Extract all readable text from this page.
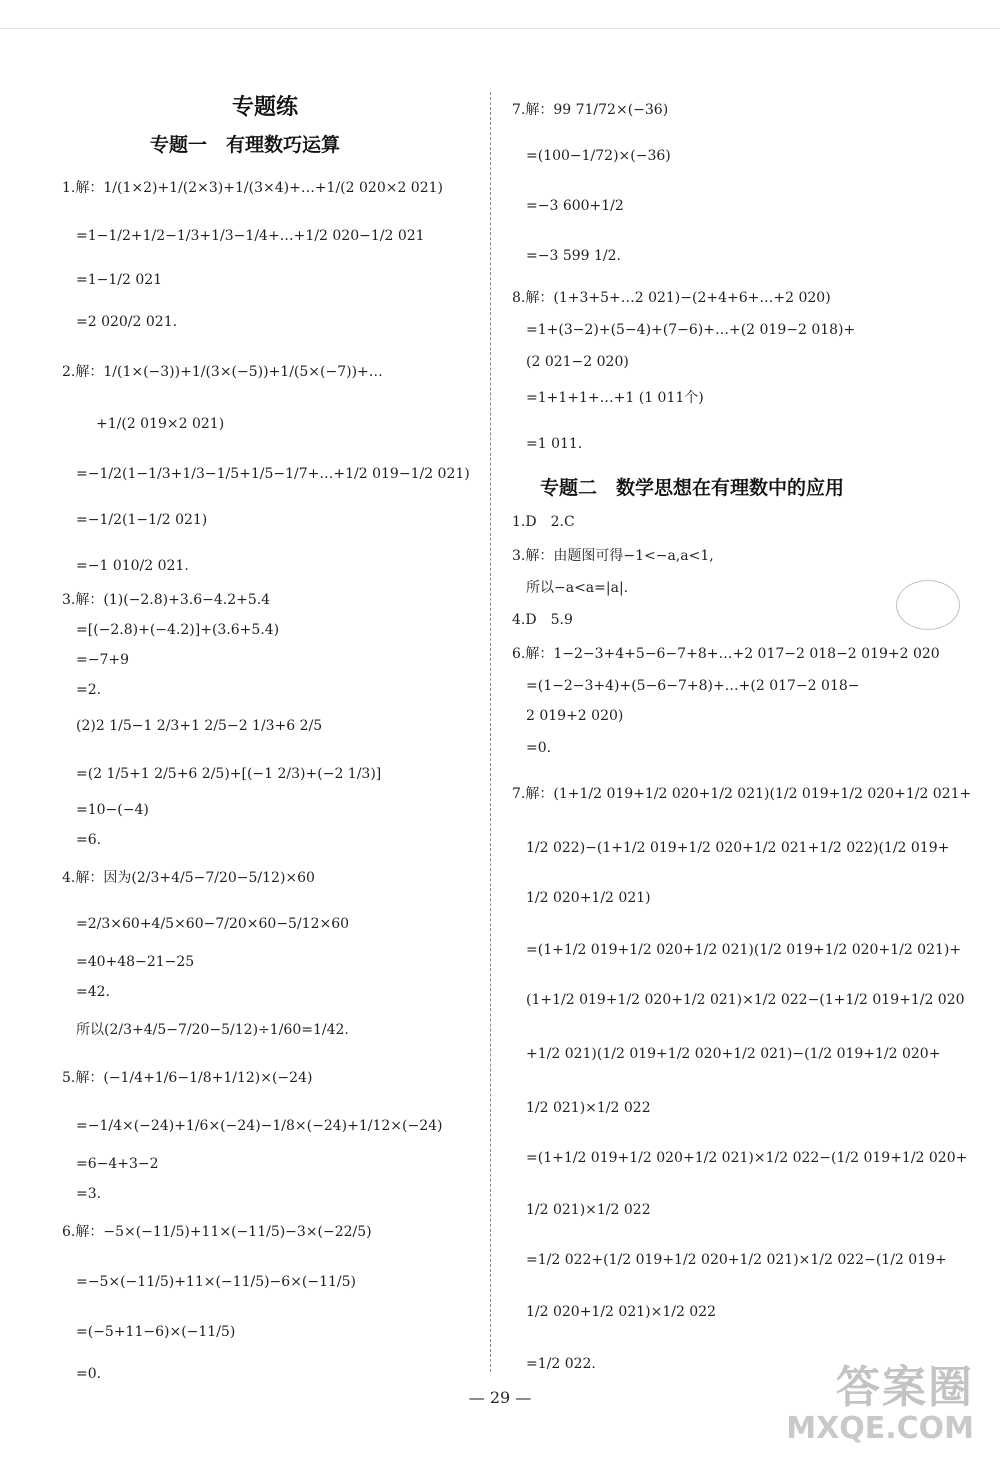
专题练
专题一　有理数巧运算
1.解：1/(1×2)+1/(2×3)+1/(3×4)+…+1/(2 020×2 021)
=1−1/2+1/2−1/3+1/3−1/4+…+1/2 020−1/2 021
=1−1/2 021
=2 020/2 021.
2.解：1/(1×(−3))+1/(3×(−5))+1/(5×(−7))+…
+1/(2 019×2 021)
=−1/2(1−1/3+1/3−1/5+1/5−1/7+…+1/2 019−1/2 021)
=−1/2(1−1/2 021)
=−1 010/2 021.
3.解：(1)(−2.8)+3.6−4.2+5.4
=[(−2.8)+(−4.2)]+(3.6+5.4)
=−7+9
=2.
(2)2 1/5−1 2/3+1 2/5−2 1/3+6 2/5
=(2 1/5+1 2/5+6 2/5)+[(−1 2/3)+(−2 1/3)]
=10−(−4)
=6.
4.解：因为(2/3+4/5−7/20−5/12)×60
=2/3×60+4/5×60−7/20×60−5/12×60
=40+48−21−25
=42.
所以(2/3+4/5−7/20−5/12)÷1/60=1/42.
5.解：(−1/4+1/6−1/8+1/12)×(−24)
=−1/4×(−24)+1/6×(−24)−1/8×(−24)+1/12×(−24)
=6−4+3−2
=3.
6.解：−5×(−11/5)+11×(−11/5)−3×(−22/5)
=−5×(−11/5)+11×(−11/5)−6×(−11/5)
=(−5+11−6)×(−11/5)
=0.
7.解：99 71/72×(−36)
=(100−1/72)×(−36)
=−3 600+1/2
=−3 599 1/2.
8.解：(1+3+5+…2 021)−(2+4+6+…+2 020)
=1+(3−2)+(5−4)+(7−6)+…+(2 019−2 018)+
(2 021−2 020)
=1+1+1+…+1 (1 011个)
=1 011.
专题二　数学思想在有理数中的应用
1.D　2.C
3.解：由题图可得−1<−a,a<1,
所以−a<a=|a|.
4.D　5.9
6.解：1−2−3+4+5−6−7+8+…+2 017−2 018−2 019+2 020
=(1−2−3+4)+(5−6−7+8)+…+(2 017−2 018−
2 019+2 020)
=0.
7.解：(1+1/2 019+1/2 020+1/2 021)(1/2 019+1/2 020+1/2 021+
1/2 022)−(1+1/2 019+1/2 020+1/2 021+1/2 022)(1/2 019+
1/2 020+1/2 021)
=(1+1/2 019+1/2 020+1/2 021)(1/2 019+1/2 020+1/2 021)+
(1+1/2 019+1/2 020+1/2 021)×1/2 022−(1+1/2 019+1/2 020
+1/2 021)(1/2 019+1/2 020+1/2 021)−(1/2 019+1/2 020+
1/2 021)×1/2 022
=(1+1/2 019+1/2 020+1/2 021)×1/2 022−(1/2 019+1/2 020+
1/2 021)×1/2 022
=1/2 022+(1/2 019+1/2 020+1/2 021)×1/2 022−(1/2 019+
1/2 020+1/2 021)×1/2 022
=1/2 022.
— 29 —	答案圈
MXQE.COM
